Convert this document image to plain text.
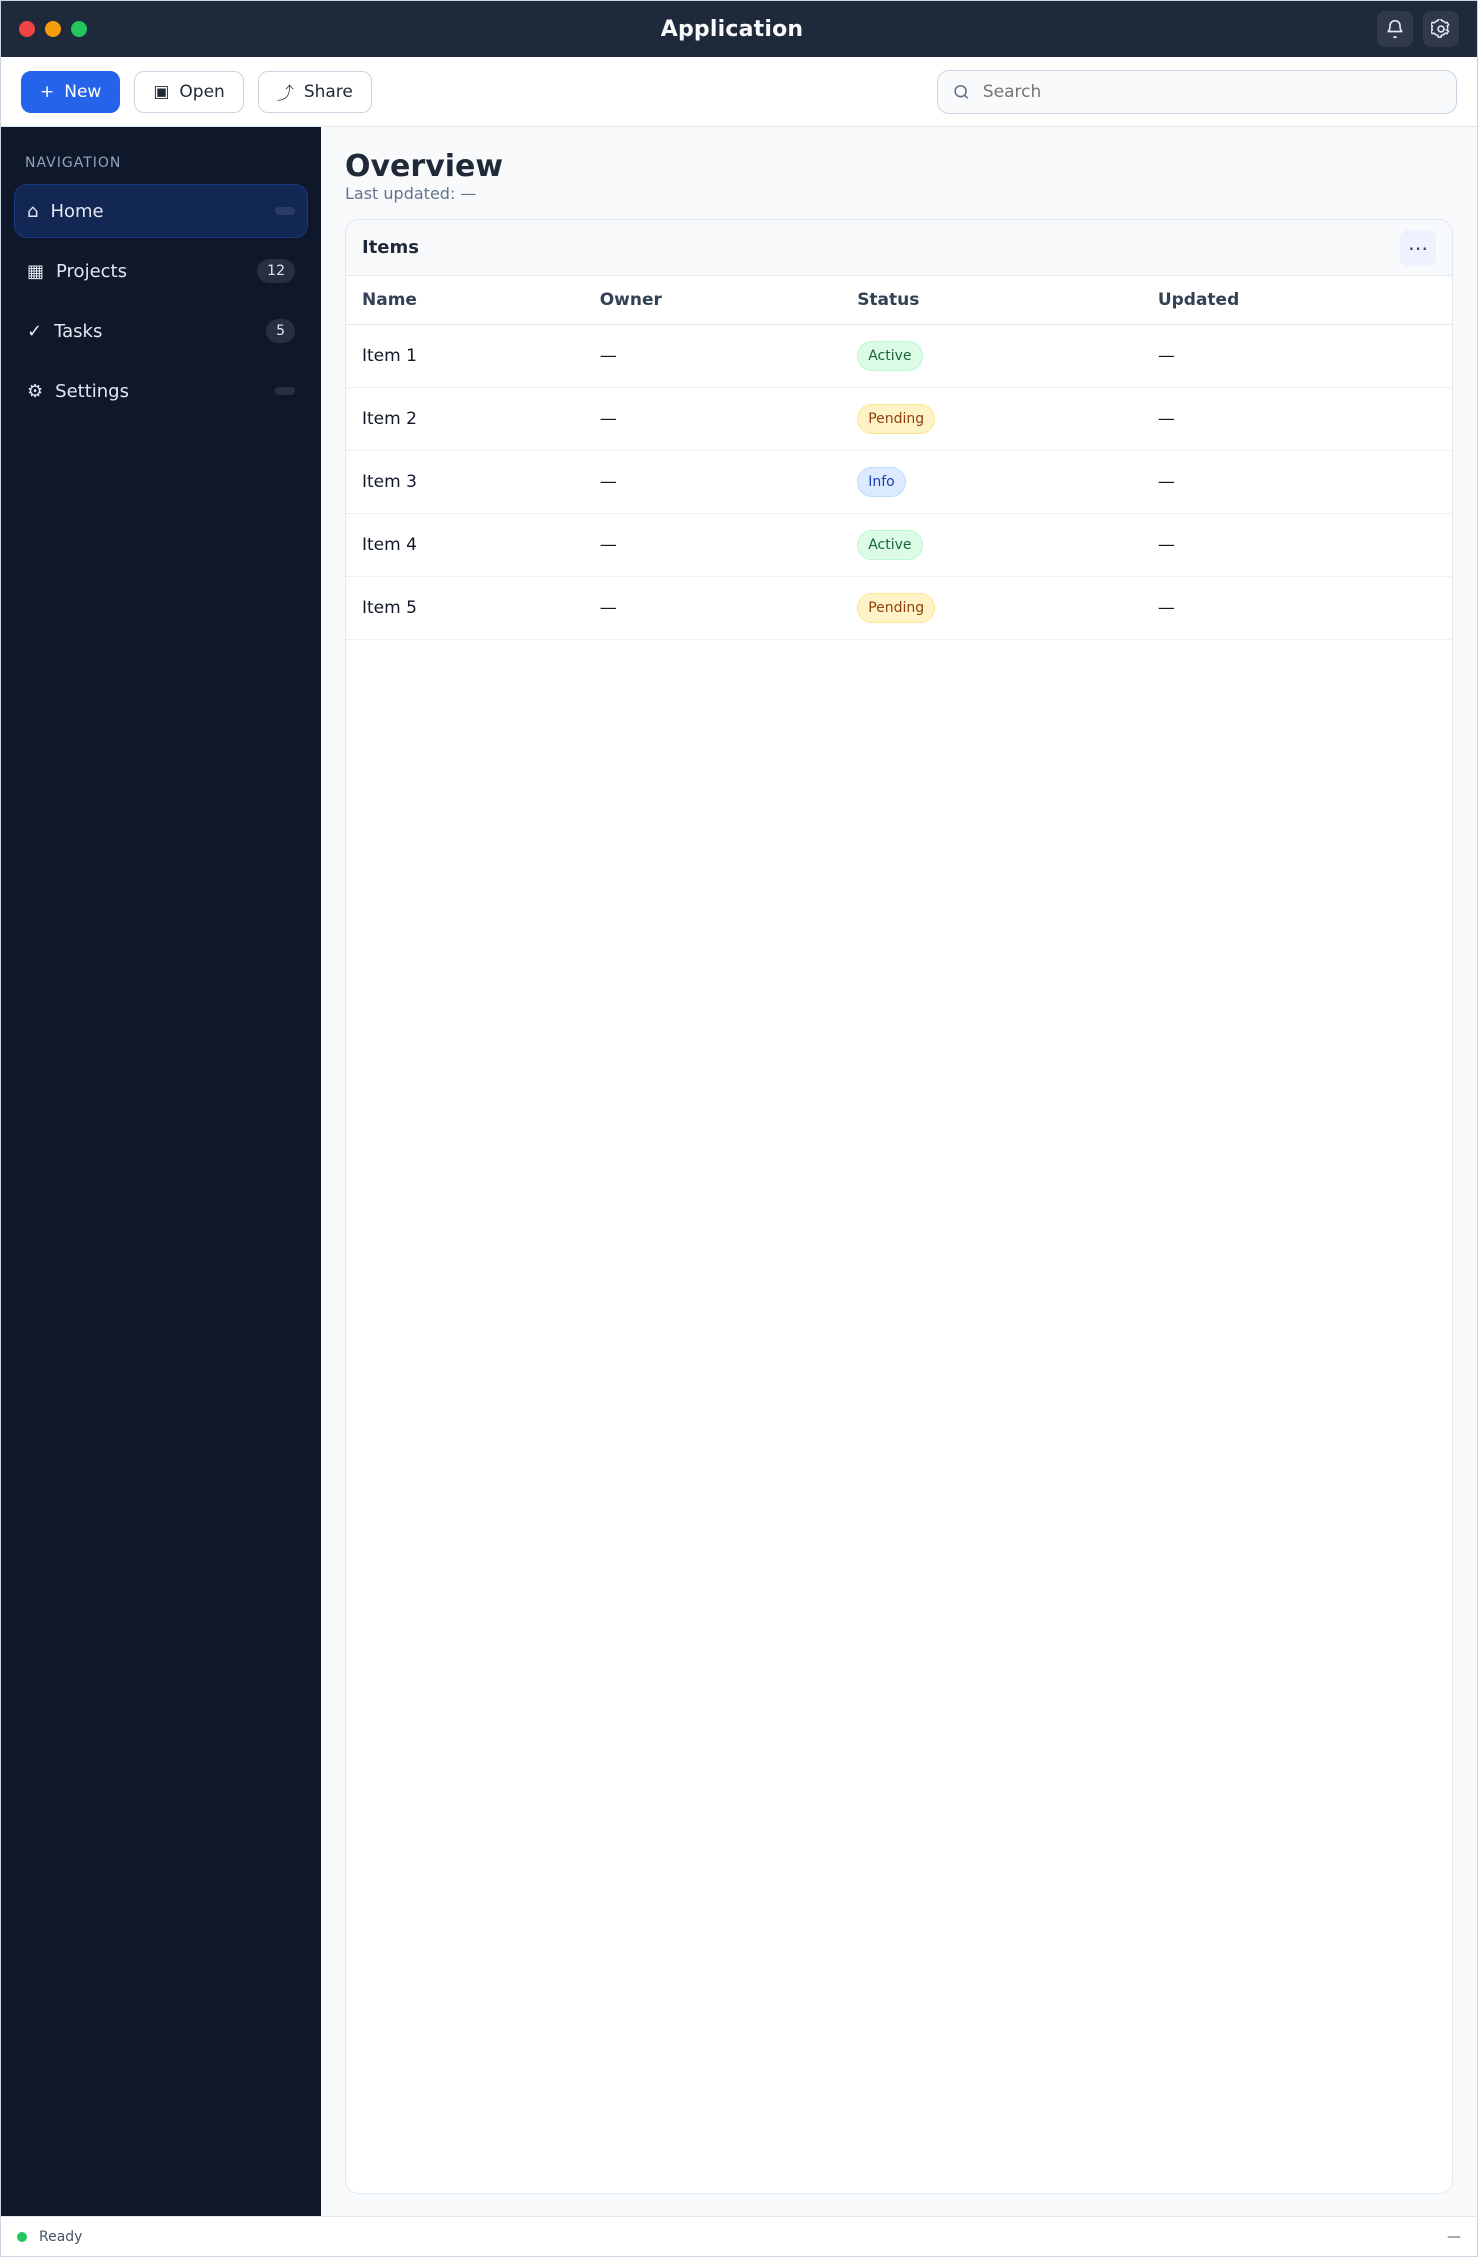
Application
+ New	▣ Open	⤴ Share
Search
NAVIGATION
⌂ Home
▦ Projects	12
✓ Tasks	5
⚙ Settings
Overview
Last updated: —
Items	⋯
Name	Owner	Status	Updated
Item 1	—	Active	—
Item 2	—	Pending	—
Item 3	—	Info	—
Item 4	—	Active	—
Item 5	—	Pending	—
Ready	—
